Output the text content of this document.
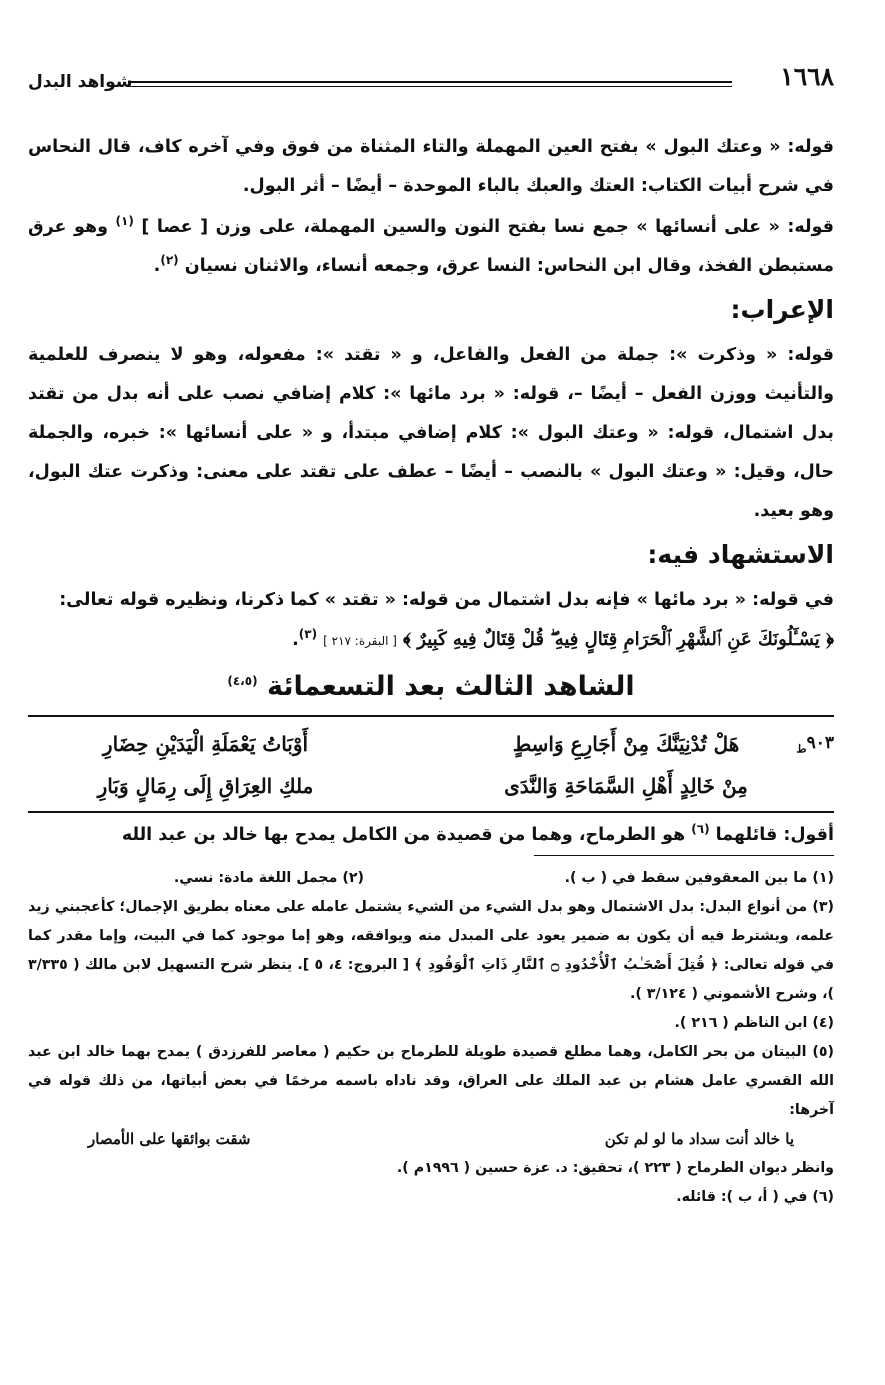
١٦٦٨
شواهد البدل

قوله: « وعتك البول » بفتح العين المهملة والتاء المثناة من فوق وفي آخره كاف، قال النحاس في شرح أبيات الكتاب: العتك والعبك بالباء الموحدة – أيضًا – أثر البول.

قوله: « على أنسائها » جمع نسا بفتح النون والسين المهملة، على وزن [ عصا ] $^{(١)}$ وهو عرق مستبطن الفخذ، وقال ابن النحاس: النسا عرق، وجمعه أنساء، والاثنان نسيان $^{(٢)}$.

الإعراب:

قوله: « وذكرت »: جملة من الفعل والفاعل، و « تقتد »: مفعوله، وهو لا ينصرف للعلمية والتأنيث ووزن الفعل – أيضًا –، قوله: « برد مائها »: كلام إضافي نصب على أنه بدل من تقتد بدل اشتمال، قوله: « وعتك البول »: كلام إضافي مبتدأ، و « على أنسائها »: خبره، والجملة حال، وقيل: « وعتك البول » بالنصب – أيضًا – عطف على تقتد على معنى: وذكرت عتك البول، وهو بعيد.

الاستشهاد فيه:

في قوله: « برد مائها » فإنه بدل اشتمال من قوله: « تقتد » كما ذكرنا، ونظيره قوله تعالى:
﴿ يَسْـَٔلُونَكَ عَنِ ٱلشَّهْرِ ٱلْحَرَامِ قِتَالٍ فِيهِ ۖ قُلْ قِتَالٌ فِيهِ كَبِيرٌ ﴾ [ البقرة: ٢١٧ ] $^{(٣)}$.

الشاهد الثالث بعد التسعمائة $^{(٤،٥)}$
$٩٠٣_ط$
هَلْ تُدْنِيَنَّكَ مِنْ أَجَارِعِ وَاسِطٍ
أَوْبَاتُ يَعْمَلَةِ الْيَدَيْنِ حِضَارِ
مِنْ خَالِدٍ أَهْلِ السَّمَاحَةِ وَالنَّدَى
ملكِ العِرَاقِ إِلَى رِمَالٍ وَبَارِ
أقول: قائلهما $^{(٦)}$ هو الطرماح، وهما من قصيدة من الكامل يمدح بها خالد بن عبد الله
(١) ما بين المعقوفين سقط في ( ب ).
(٢) مجمل اللغة مادة: نسي.

(٣) من أنواع البدل: بدل الاشتمال وهو بدل الشيء من الشيء يشتمل عامله على معناه بطريق الإجمال؛ كأعجبني زيد علمه، ويشترط فيه أن يكون به ضمير يعود على المبدل منه ويوافقه، وهو إما موجود كما في البيت، وإما مقدر كما في قوله تعالى: ﴿ قُتِلَ أَصْحَـٰبُ ٱلْأُخْدُودِ ۝ ٱلنَّارِ ذَاتِ ٱلْوَقُودِ ﴾ [ البروج: ٤، ٥ ]. ينظر شرح التسهيل لابن مالك ( ٣/٣٣٥ )، وشرح الأشموني ( ٣/١٢٤ ).

(٤) ابن الناظم ( ٢١٦ ).

(٥) البيتان من بحر الكامل، وهما مطلع قصيدة طويلة للطرماح بن حكيم ( معاصر للفرزدق ) يمدح بهما خالد ابن عبد الله القسري عامل هشام بن عبد الملك على العراق، وقد ناداه باسمه مرخمًا في بعض أبياتها، من ذلك قوله في آخرها:

يا خالد أنت سداد ما لو لم تكن
شقت بوائقها على الأمصار

وانظر ديوان الطرماح ( ٢٢٣ )، تحقيق: د. عزة حسين ( ١٩٩٦م ).

(٦) في ( أ، ب ): قائله.
